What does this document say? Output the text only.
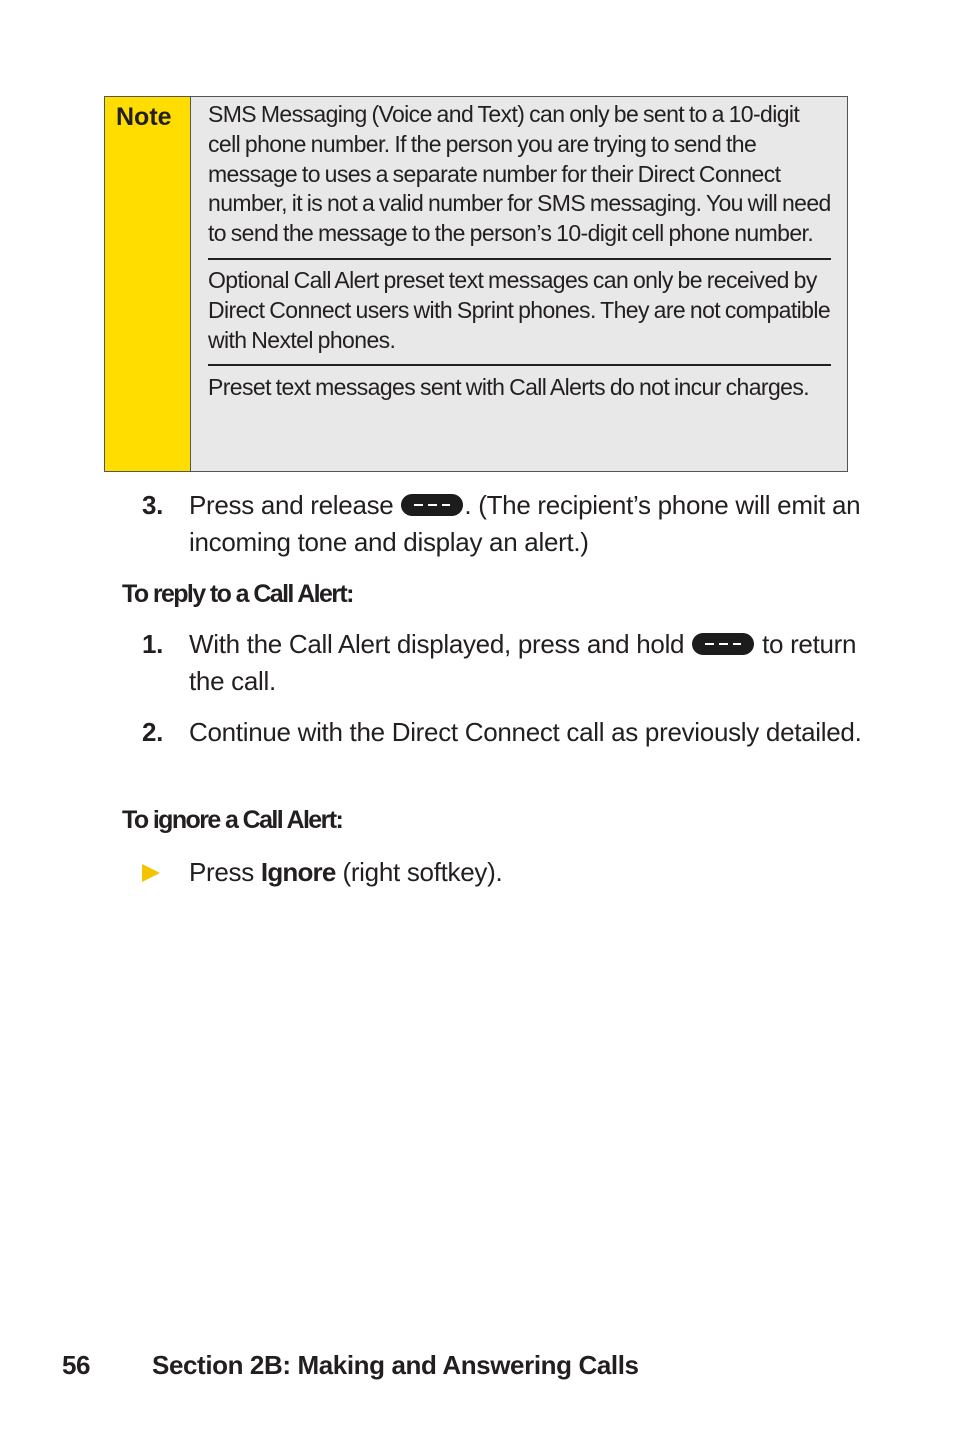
Note	SMS Messaging (Voice and Text) can only be sent to a 10-digit cell phone number. If the person you are trying to send the message to uses a separate number for their Direct Connect number, it is not a valid number for SMS messaging. You will need to send the message to the person’s 10-digit cell phone number.
Optional Call Alert preset text messages can only be received by Direct Connect users with Sprint phones. They are not compatible with Nextel phones.
Preset text messages sent with Call Alerts do not incur charges.
3. Press and release . (The recipient’s phone will emit an incoming tone and display an alert.)
To reply to a Call Alert:
1. With the Call Alert displayed, press and hold  to return the call.
2. Continue with the Direct Connect call as previously detailed.
To ignore a Call Alert:
Press Ignore (right softkey).
56	Section 2B: Making and Answering Calls
